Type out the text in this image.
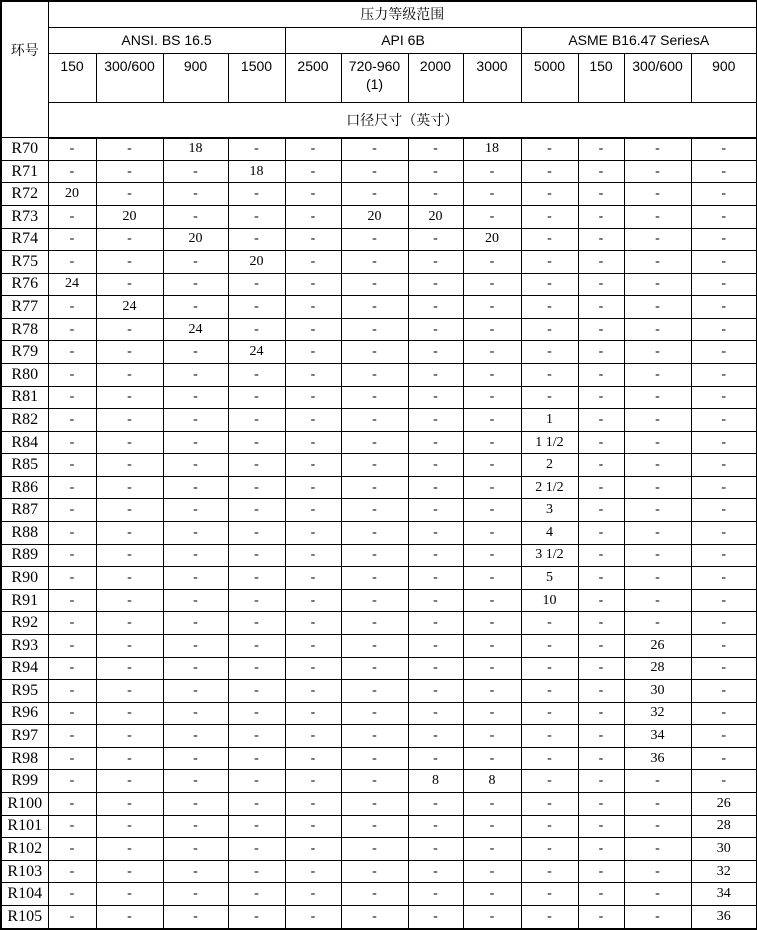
环号	压力等级范围											
	ANSI. BS 16.5				API 6B				ASME B16.47 SeriesA			
	150	300/600	900	1500	2500	720-960
(1)	2000	3000	5000	150	300/600	900
	口径尺寸（英寸）											
R70	-	-	18	-	-	-	-	18	-	-	-	-
R71	-	-	-	18	-	-	-	-	-	-	-	-
R72	20	-	-	-	-	-	-	-	-	-	-	-
R73	-	20	-	-	-	20	20	-	-	-	-	-
R74	-	-	20	-	-	-	-	20	-	-	-	-
R75	-	-	-	20	-	-	-	-	-	-	-	-
R76	24	-	-	-	-	-	-	-	-	-	-	-
R77	-	24	-	-	-	-	-	-	-	-	-	-
R78	-	-	24	-	-	-	-	-	-	-	-	-
R79	-	-	-	24	-	-	-	-	-	-	-	-
R80	-	-	-	-	-	-	-	-	-	-	-	-
R81	-	-	-	-	-	-	-	-	-	-	-	-
R82	-	-	-	-	-	-	-	-	1	-	-	-
R84	-	-	-	-	-	-	-	-	1 1/2	-	-	-
R85	-	-	-	-	-	-	-	-	2	-	-	-
R86	-	-	-	-	-	-	-	-	2 1/2	-	-	-
R87	-	-	-	-	-	-	-	-	3	-	-	-
R88	-	-	-	-	-	-	-	-	4	-	-	-
R89	-	-	-	-	-	-	-	-	3 1/2	-	-	-
R90	-	-	-	-	-	-	-	-	5	-	-	-
R91	-	-	-	-	-	-	-	-	10	-	-	-
R92	-	-	-	-	-	-	-	-	-	-	-	-
R93	-	-	-	-	-	-	-	-	-	-	26	-
R94	-	-	-	-	-	-	-	-	-	-	28	-
R95	-	-	-	-	-	-	-	-	-	-	30	-
R96	-	-	-	-	-	-	-	-	-	-	32	-
R97	-	-	-	-	-	-	-	-	-	-	34	-
R98	-	-	-	-	-	-	-	-	-	-	36	-
R99	-	-	-	-	-	-	8	8	-	-	-	-
R100	-	-	-	-	-	-	-	-	-	-	-	26
R101	-	-	-	-	-	-	-	-	-	-	-	28
R102	-	-	-	-	-	-	-	-	-	-	-	30
R103	-	-	-	-	-	-	-	-	-	-	-	32
R104	-	-	-	-	-	-	-	-	-	-	-	34
R105	-	-	-	-	-	-	-	-	-	-	-	36
